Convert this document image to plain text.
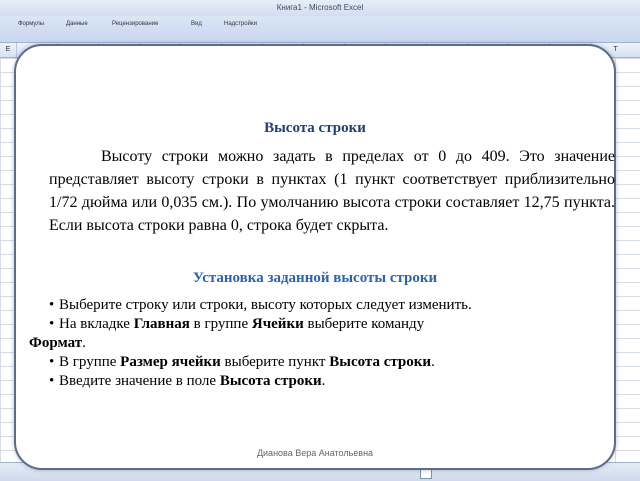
Книга1 - Microsoft Excel
Формулы	Данные	Рецензирование	Вид	Надстройки
E	T
Высота строки
Высоту строки можно задать в пределах от 0 до 409. Это значение представляет высоту строки в пунктах (1 пункт соответствует приблизительно 1/72 дюйма или 0,035 см.). По умолчанию высота строки составляет 12,75 пункта. Если высота строки равна 0, строка будет скрыта.
Установка заданной высоты строки
• Выберите строку или строки, высоту которых следует изменить.
• На вкладке Главная в группе Ячейки выберите команду
Формат.
• В группе Размер ячейки выберите пункт Высота строки.
• Введите значение в поле Высота строки.
Дианова Вера Анатольевна
